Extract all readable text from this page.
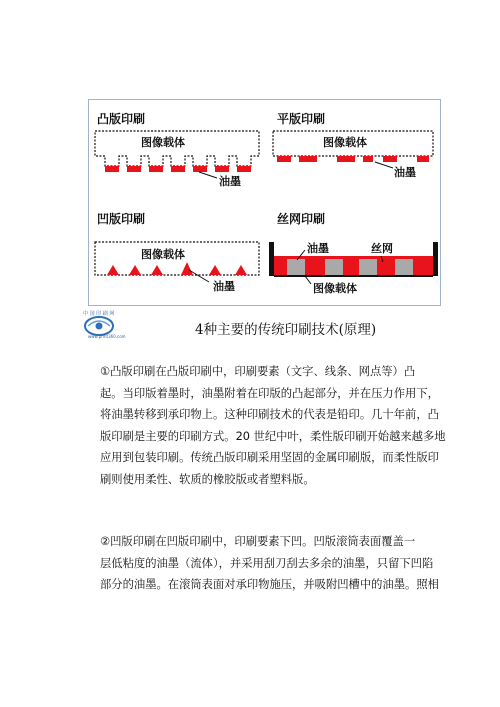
凸版印刷
图像载体
油墨
平版印刷
图像载体
油墨
凹版印刷
图像载体
油墨
丝网印刷
油墨	丝网
图像载体
中 国 印 刷 网
www.print360.com	4种主要的传统印刷技术(原理)
①凸版印刷在凸版印刷中，印刷要素（文字、线条、网点等）凸
起。当印版着墨时，油墨附着在印版的凸起部分，并在压力作用下，
将油墨转移到承印物上。这种印刷技术的代表是铅印。几十年前，凸
版印刷是主要的印刷方式。20 世纪中叶，柔性版印刷开始越来越多地
应用到包装印刷。传统凸版印刷采用坚固的金属印刷版，而柔性版印
刷则使用柔性、软质的橡胶版或者塑料版。
②凹版印刷在凹版印刷中，印刷要素下凹。凹版滚筒表面覆盖一
层低粘度的油墨（流体），并采用刮刀刮去多余的油墨，只留下凹陷
部分的油墨。在滚筒表面对承印物施压，并吸附凹槽中的油墨。照相
